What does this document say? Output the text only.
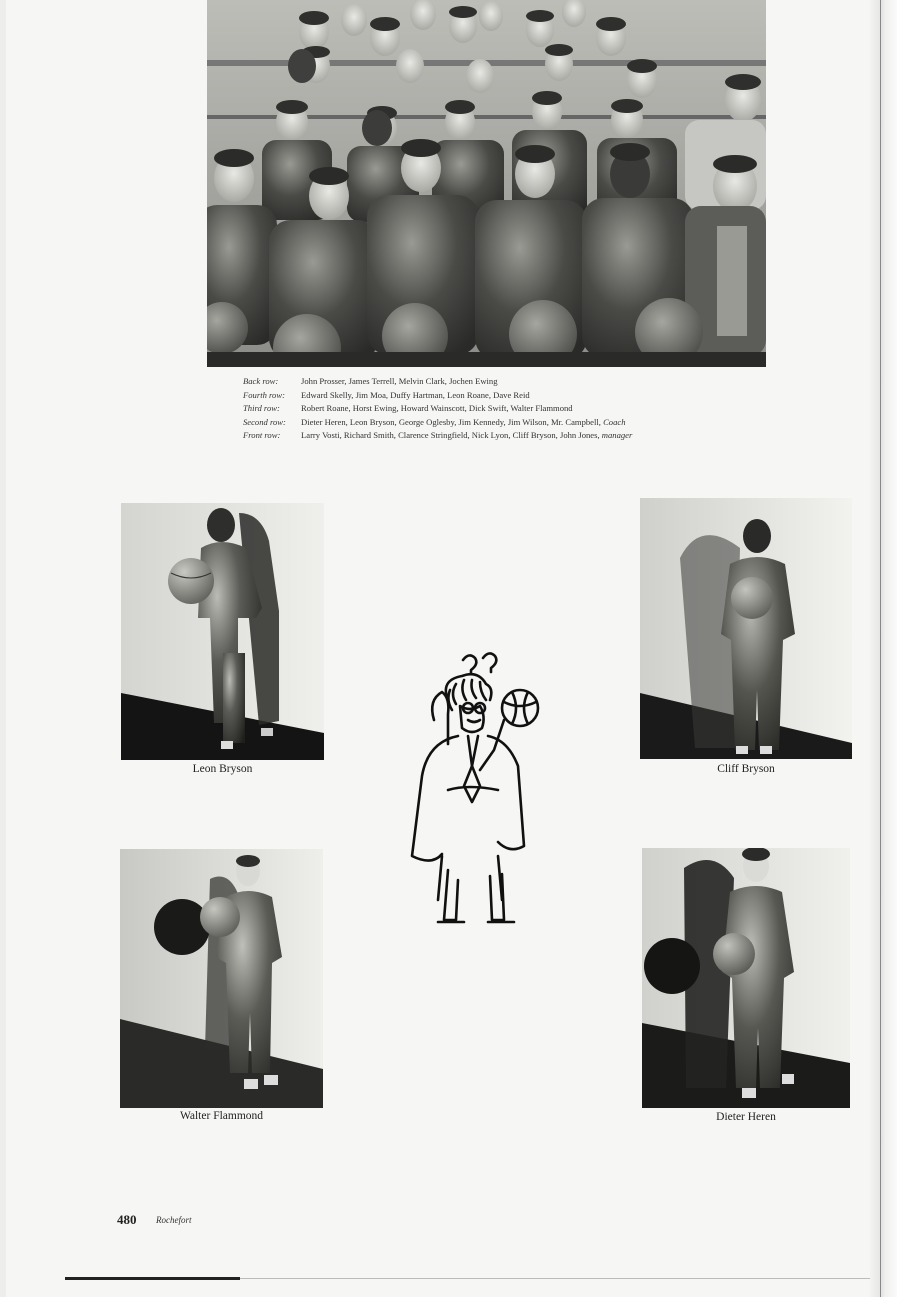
Back row:	John Prosser, James Terrell, Melvin Clark, Jochen Ewing
Fourth row: Edward Skelly, Jim Moa, Duffy Hartman, Leon Roane, Dave Reid
Third row: Robert Roane, Horst Ewing, Howard Wainscott, Dick Swift, Walter Flammond
Second row: Dieter Heren, Leon Bryson, George Oglesby, Jim Kennedy, Jim Wilson, Mr. Campbell, Coach
Front row: Larry Vosti, Richard Smith, Clarence Stringfield, Nick Lyon, Cliff Bryson, John Jones, manager
Leon Bryson	Cliff Bryson
Walter Flammond	Dieter Heren
480 Rochefort
